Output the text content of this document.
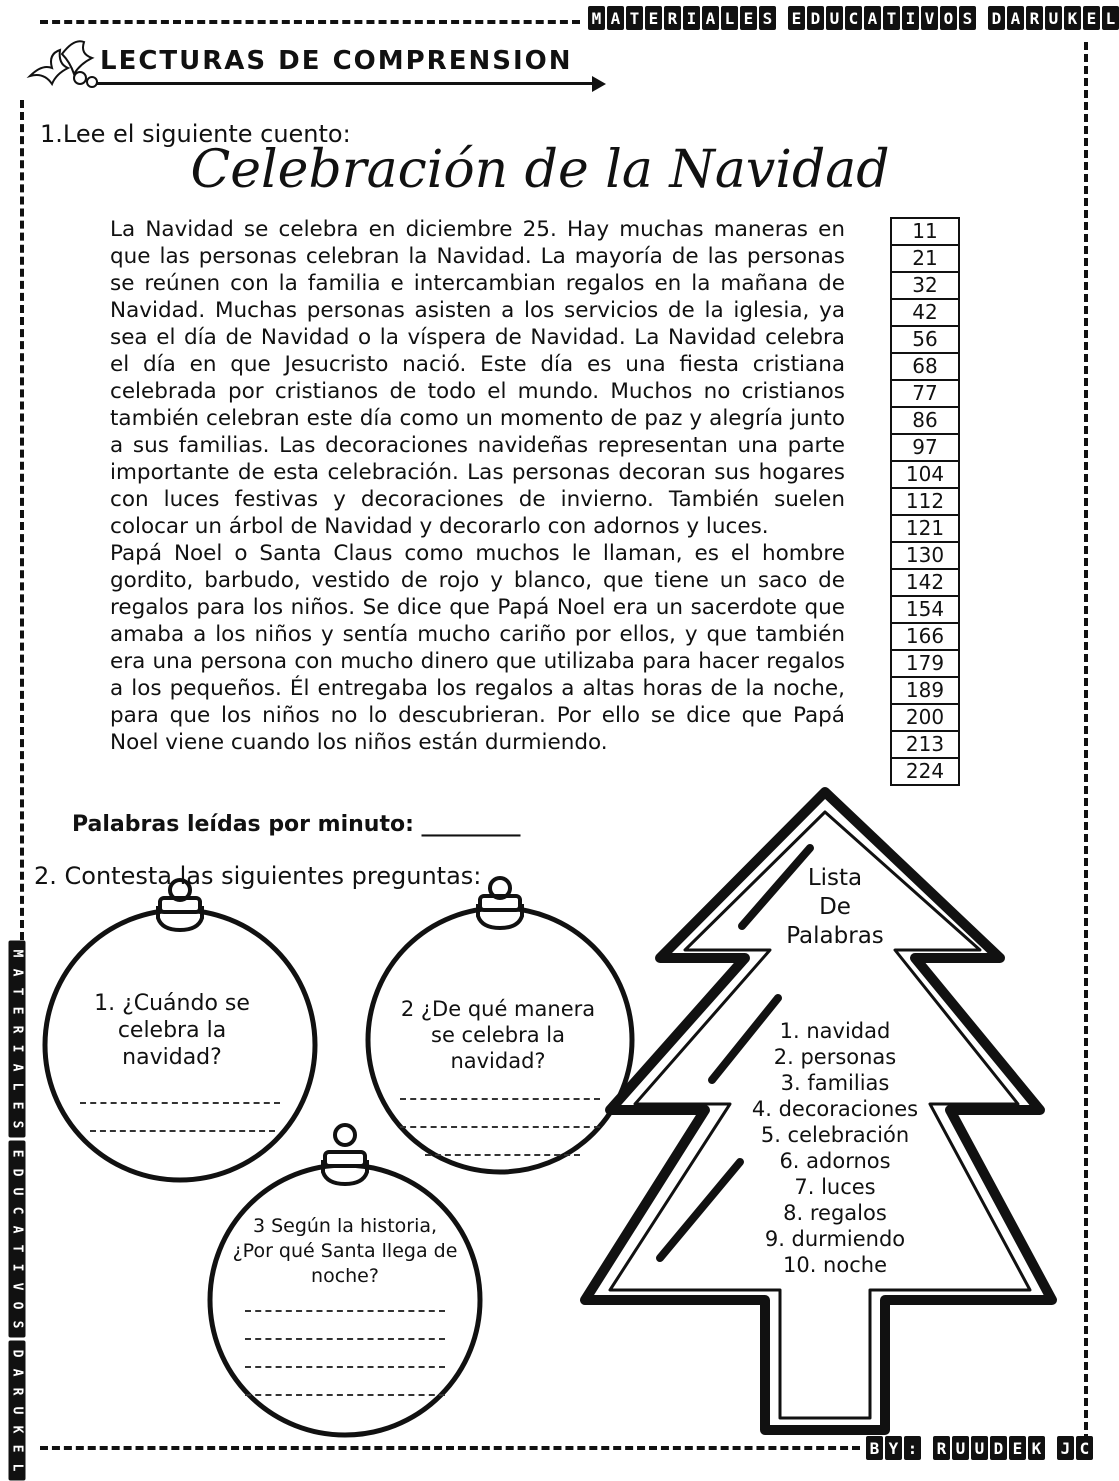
M A T E R I A L E S E D U C A T I V O S D A R U K E L
M
A
T
E
R
I
A
L
E
S
E
D
U
C
A
T
I
V
O
S
D
A
R
U
K
E
L
B Y : R U U D E K J C
LECTURAS DE COMPRENSION
1.Lee el siguiente cuento:
Celebración de la Navidad

La Navidad se celebra en diciembre 25. Hay muchas maneras en que las personas celebran la Navidad. La mayoría de las personas se reúnen con la familia e intercambian regalos en la mañana de Navidad. Muchas personas asisten a los servicios de la iglesia, ya sea el día de Navidad o la víspera de Navidad. La Navidad celebra el día en que Jesucristo nació. Este día es una fiesta cristiana celebrada por cristianos de todo el mundo. Muchos no cristianos también celebran este día como un momento de paz y alegría junto a sus familias. Las decoraciones navideñas representan una parte importante de esta celebración. Las personas decoran sus hogares con luces festivas y decoraciones de invierno. También suelen colocar un árbol de Navidad y decorarlo con adornos y luces.

Papá Noel o Santa Claus como muchos le llaman, es el hombre gordito, barbudo, vestido de rojo y blanco, que tiene un saco de regalos para los niños. Se dice que Papá Noel era un sacerdote que amaba a los niños y sentía mucho cariño por ellos, y que también era una persona con mucho dinero que utilizaba para hacer regalos a los pequeños. Él entregaba los regalos a altas horas de la noche, para que los niños no lo descubrieran. Por ello se dice que Papá Noel viene cuando los niños están durmiendo.

11
21
32
42
56
68
77
86
97
104
112
121
130
142
154
166
179
189
200
213
224
Palabras leídas por minuto: _________
2. Contesta las siguientes preguntas:
1. ¿Cuándo se celebra la navidad?
2 ¿De qué manera se celebra la navidad?
3 Según la historia, ¿Por qué Santa llega de noche?
Lista
De
Palabras
1. navidad
2. personas
3. familias
4. decoraciones
5. celebración
6. adornos
7. luces
8. regalos
9. durmiendo
10. noche
